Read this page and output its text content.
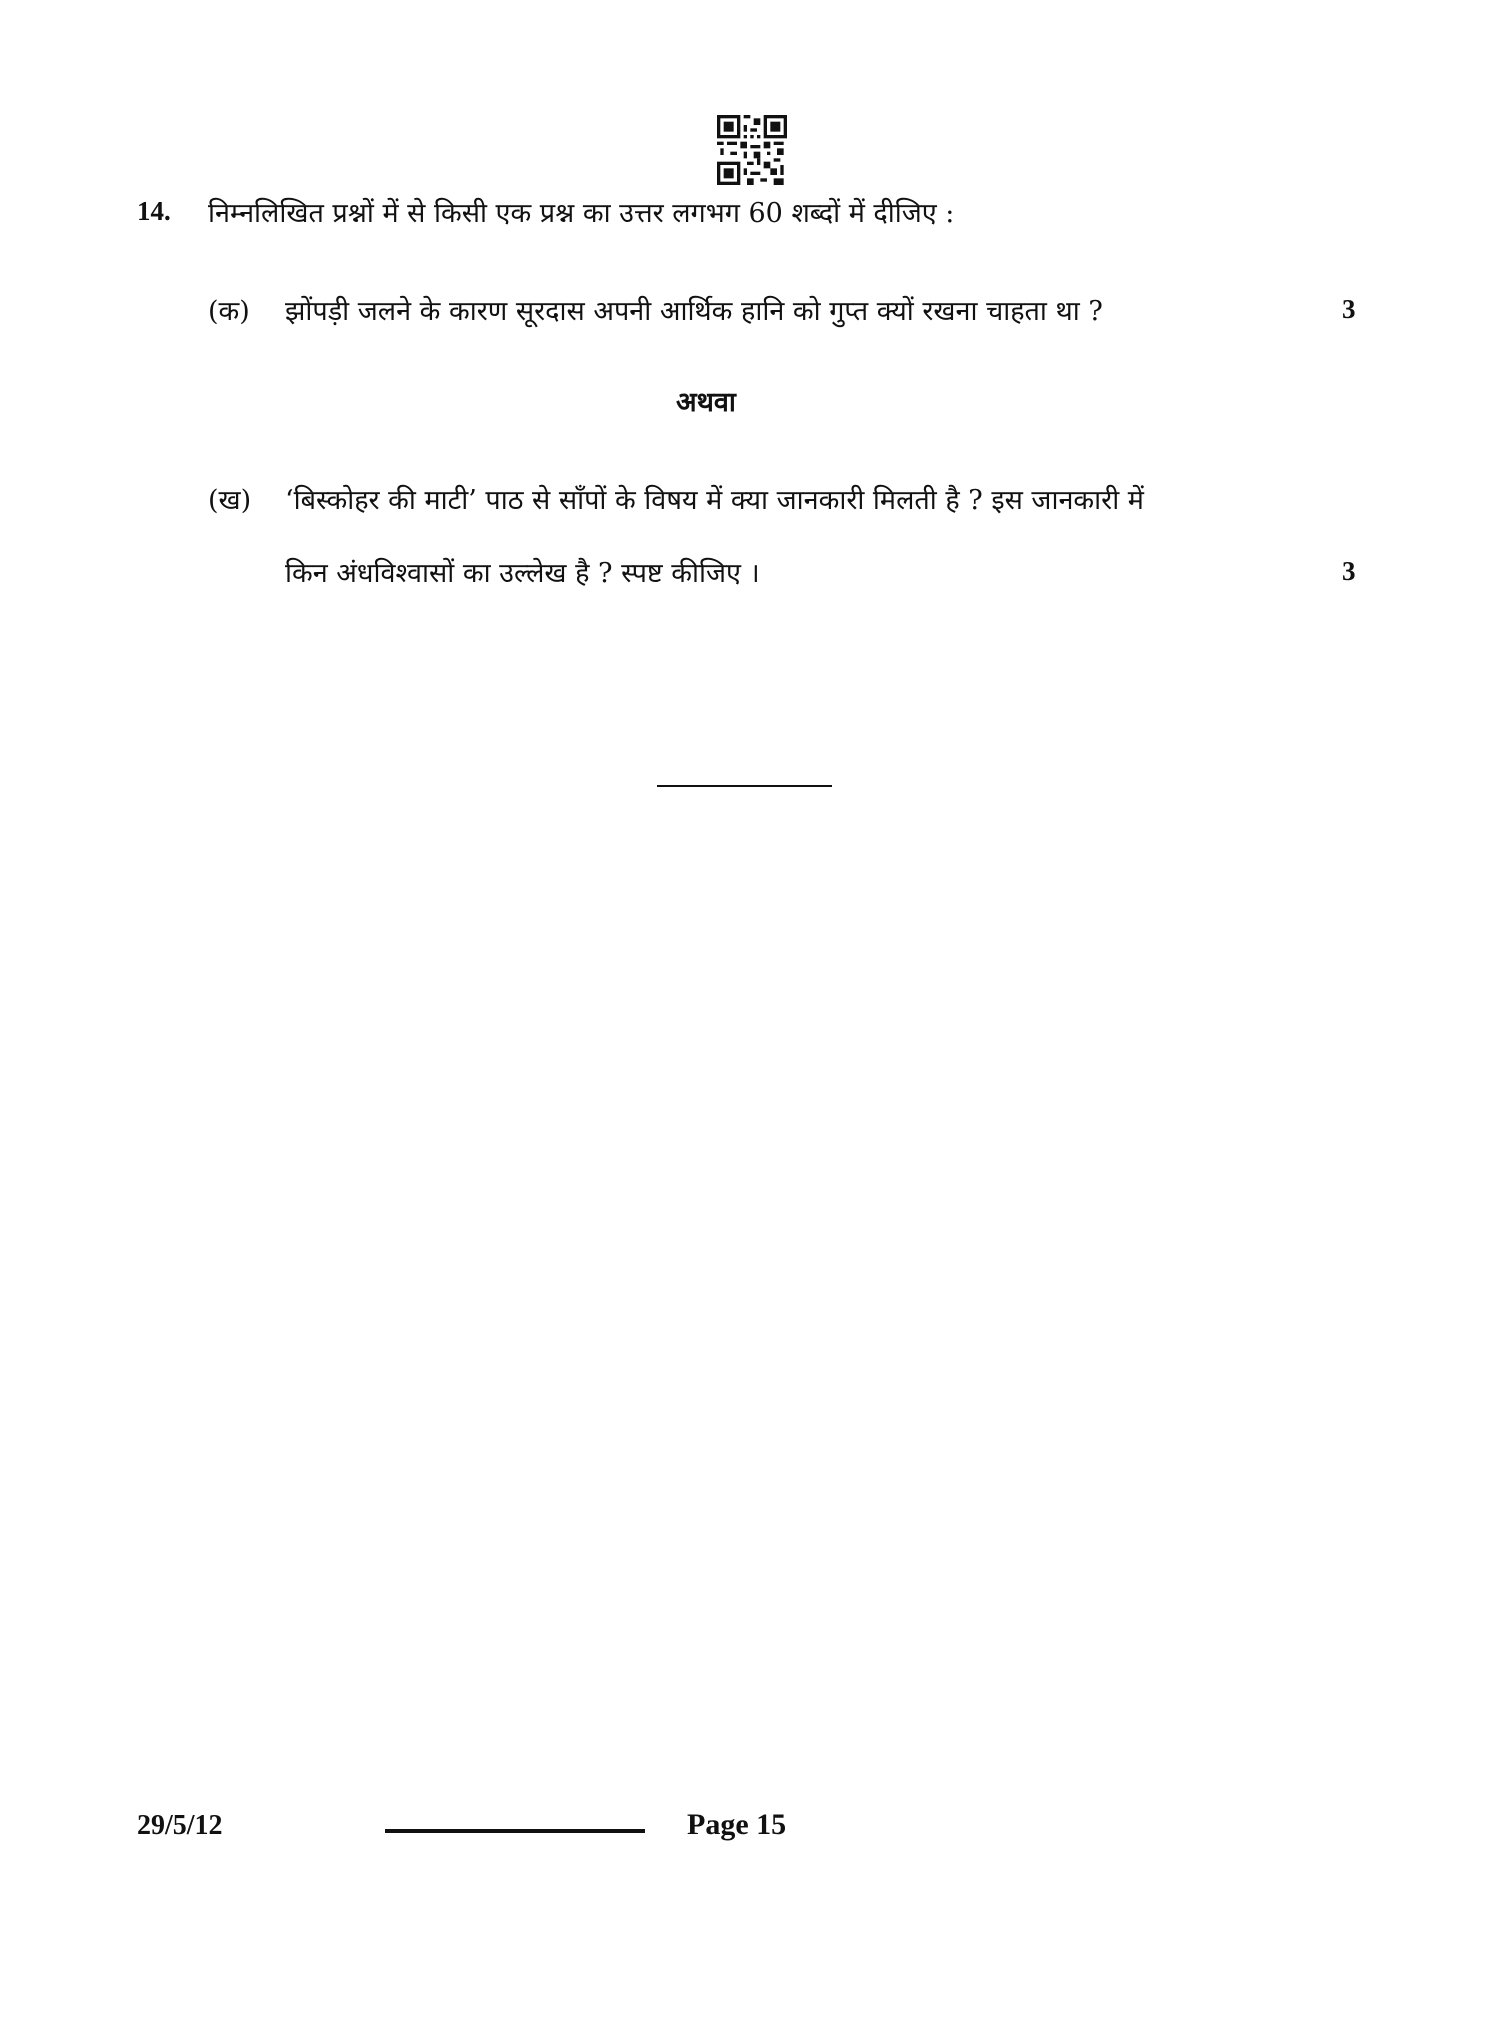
14. निम्नलिखित प्रश्नों में से किसी एक प्रश्न का उत्तर लगभग 60 शब्दों में दीजिए :
(क) झोंपड़ी जलने के कारण सूरदास अपनी आर्थिक हानि को गुप्त क्यों रखना चाहता था ?	3
अथवा
(ख) ‘बिस्कोहर की माटी’ पाठ से साँपों के विषय में क्या जानकारी मिलती है ? इस जानकारी में
किन अंधविश्वासों का उल्लेख है ? स्पष्ट कीजिए ।	3
29/5/12	Page 15
